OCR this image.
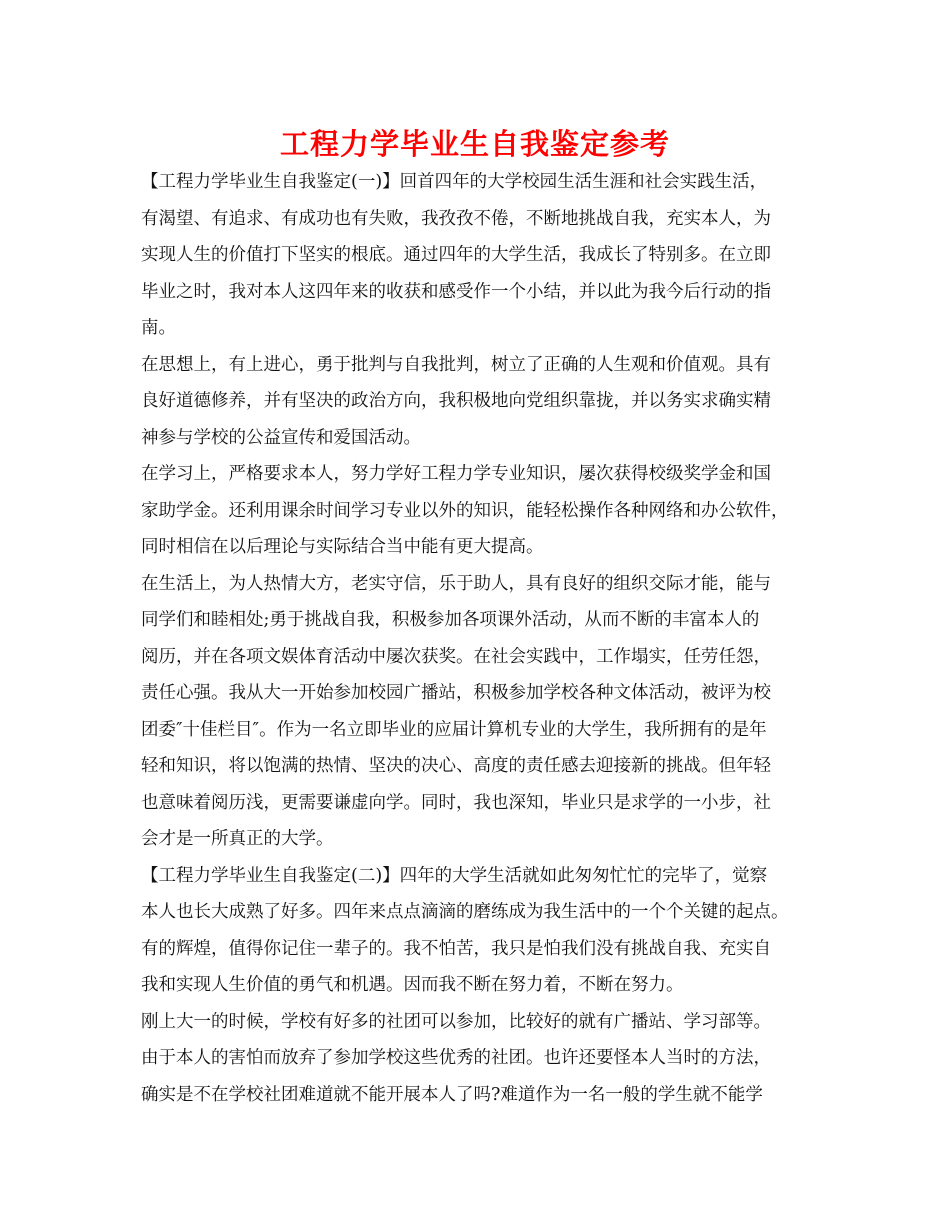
工程力学毕业生自我鉴定参考
【工程力学毕业生自我鉴定(一)】回首四年的大学校园生活生涯和社会实践生活，
有渴望、有追求、有成功也有失败，我孜孜不倦，不断地挑战自我，充实本人，为
实现人生的价值打下坚实的根底。通过四年的大学生活，我成长了特别多。在立即
毕业之时，我对本人这四年来的收获和感受作一个小结，并以此为我今后行动的指
南。
在思想上，有上进心，勇于批判与自我批判，树立了正确的人生观和价值观。具有
良好道德修养，并有坚决的政治方向，我积极地向党组织靠拢，并以务实求确实精
神参与学校的公益宣传和爱国活动。
在学习上，严格要求本人，努力学好工程力学专业知识，屡次获得校级奖学金和国
家助学金。还利用课余时间学习专业以外的知识，能轻松操作各种网络和办公软件，
同时相信在以后理论与实际结合当中能有更大提高。
在生活上，为人热情大方，老实守信，乐于助人，具有良好的组织交际才能，能与
同学们和睦相处;勇于挑战自我，积极参加各项课外活动，从而不断的丰富本人的
阅历，并在各项文娱体育活动中屡次获奖。在社会实践中，工作塌实，任劳任怨，
责任心强。我从大一开始参加校园广播站，积极参加学校各种文体活动，被评为校
团委″十佳栏目″。作为一名立即毕业的应届计算机专业的大学生，我所拥有的是年
轻和知识，将以饱满的热情、坚决的决心、高度的责任感去迎接新的挑战。但年轻
也意味着阅历浅，更需要谦虚向学。同时，我也深知，毕业只是求学的一小步，社
会才是一所真正的大学。
【工程力学毕业生自我鉴定(二)】四年的大学生活就如此匆匆忙忙的完毕了，觉察
本人也长大成熟了好多。四年来点点滴滴的磨练成为我生活中的一个个关键的起点。
有的辉煌，值得你记住一辈子的。我不怕苦，我只是怕我们没有挑战自我、充实自
我和实现人生价值的勇气和机遇。因而我不断在努力着，不断在努力。
刚上大一的时候，学校有好多的社团可以参加，比较好的就有广播站、学习部等。
由于本人的害怕而放弃了参加学校这些优秀的社团。也许还要怪本人当时的方法，
确实是不在学校社团难道就不能开展本人了吗?难道作为一名一般的学生就不能学
